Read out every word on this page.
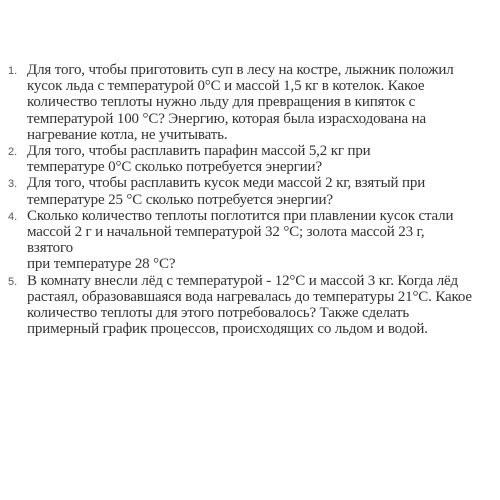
1. Для того, чтобы приготовить суп в лесу на костре, лыжник положил
кусок льда с температурой 0°С и массой 1,5 кг в котелок. Какое
количество теплоты нужно льду для превращения в кипяток с
температурой 100 °С? Энергию, которая была израсходована на
нагревание котла, не учитывать.
2. Для того, чтобы расплавить парафин массой 5,2 кг при
температуре 0°С сколько потребуется энергии?
3. Для того, чтобы расплавить кусок меди массой 2 кг, взятый при
температуре 25 °С сколько потребуется энергии?
4. Сколько количество теплоты поглотится при плавлении кусок стали
массой 2 г и начальной температурой 32 °С; золота массой 23 г, взятого
при температуре 28 °С?
5. В комнату внесли лёд с температурой - 12°С и массой 3 кг. Когда лёд
растаял, образовавшаяся вода нагревалась до температуры 21°С. Какое
количество теплоты для этого потребовалось? Также сделать
примерный график процессов, происходящих со льдом и водой.
